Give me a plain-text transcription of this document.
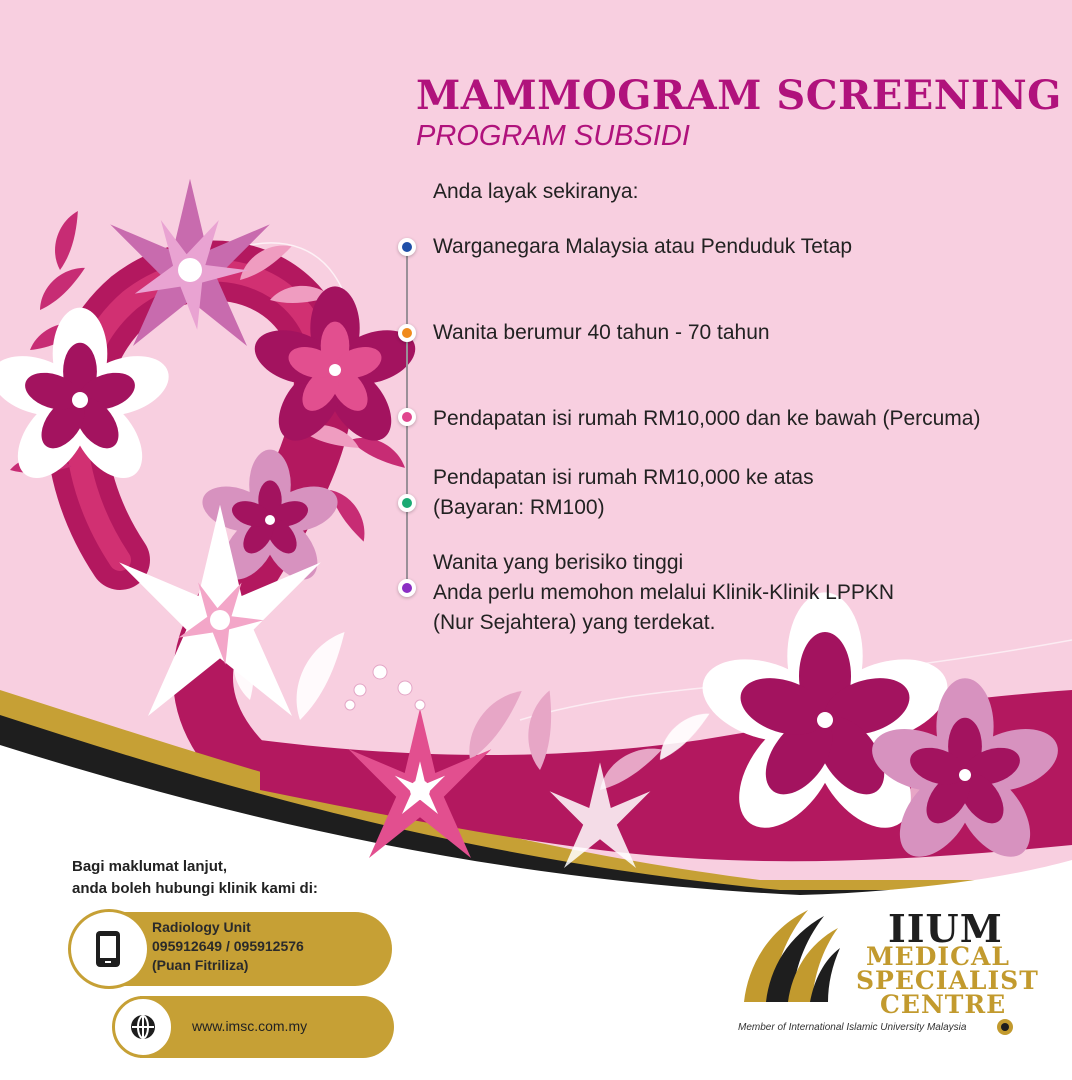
MAMMOGRAM SCREENING
PROGRAM SUBSIDI
Anda layak sekiranya:
Warganegara Malaysia atau Penduduk Tetap
Wanita berumur 40 tahun - 70 tahun
Pendapatan isi rumah RM10,000 dan ke bawah (Percuma)
Pendapatan isi rumah RM10,000 ke atas
(Bayaran: RM100)
Wanita yang berisiko tinggi
Anda perlu memohon melalui Klinik-Klinik LPPKN
(Nur Sejahtera) yang terdekat.
Bagi maklumat lanjut,
anda boleh hubungi klinik kami di:
Radiology Unit
095912649 / 095912576
(Puan Fitriliza)
www.imsc.com.my
IIUM
MEDICAL
SPECIALIST
CENTRE
Member of International Islamic University Malaysia
